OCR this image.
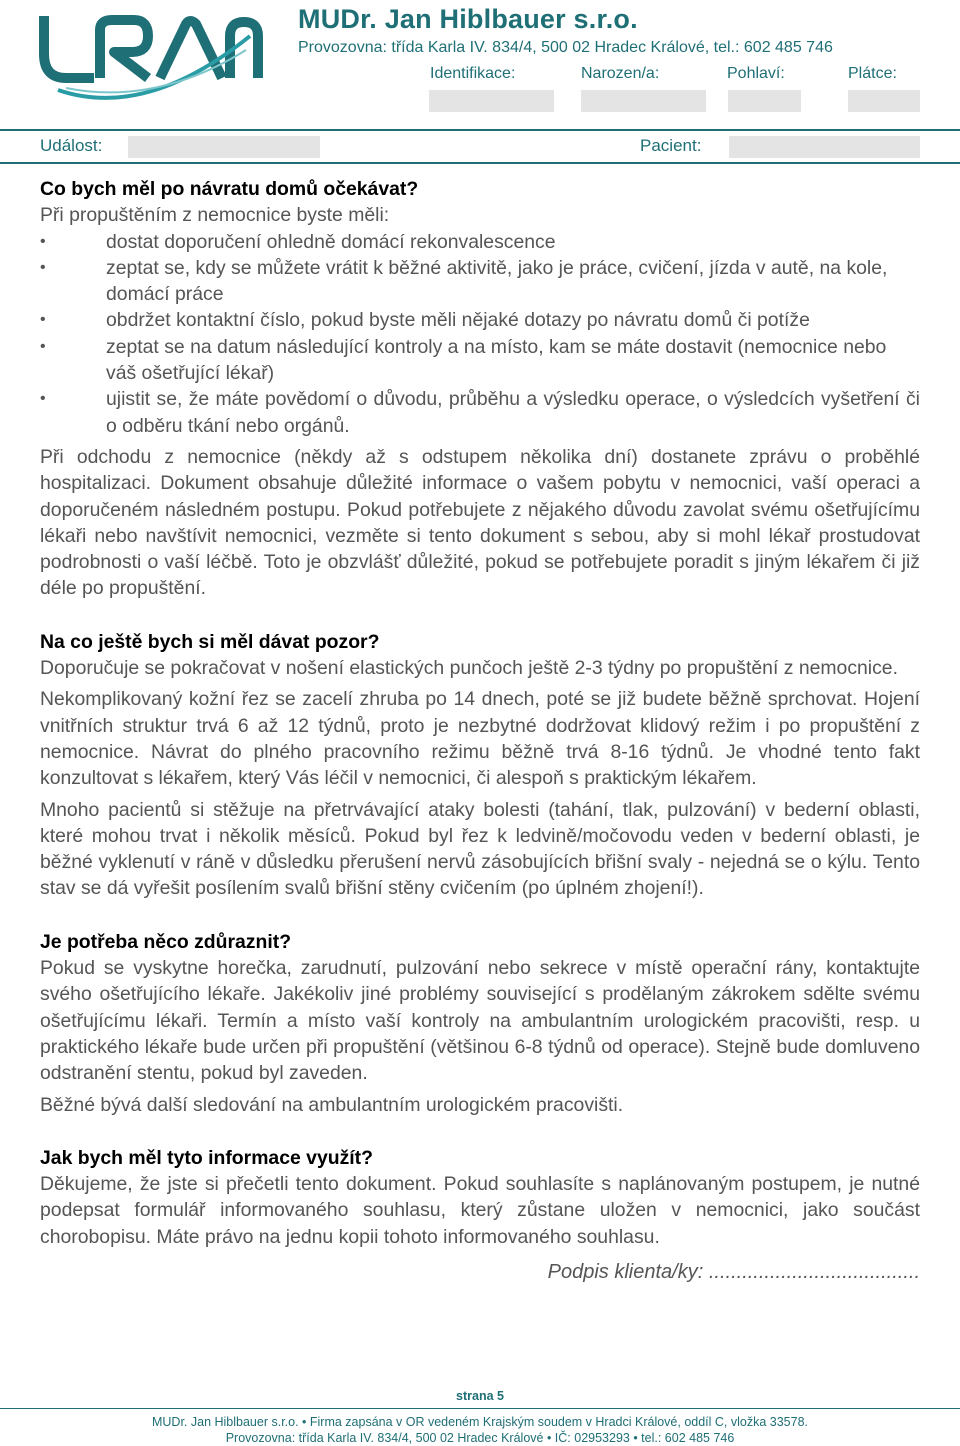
MUDr. Jan Hiblbauer s.r.o.
Provozovna: třída Karla IV. 834/4, 500 02 Hradec Králové, tel.: 602 485 746
Identifikace:	Narozen/a:	Pohlaví:	Plátce:
Událost:	Pacient:
Co bych měl po návratu domů očekávat?

Při propuštěním z nemocnice byste měli:

• dostat doporučení ohledně domácí rekonvalescence
• zeptat se, kdy se můžete vrátit k běžné aktivitě, jako je práce, cvičení, jízda v autě, na kole, domácí práce
• obdržet kontaktní číslo, pokud byste měli nějaké dotazy po návratu domů či potíže
• zeptat se na datum následující kontroly a na místo, kam se máte dostavit (nemocnice nebo váš ošetřující lékař)
• ujistit se, že máte povědomí o důvodu, průběhu a výsledku operace, o výsledcích vyšetření či o odběru tkání nebo orgánů.

Při odchodu z nemocnice (někdy až s odstupem několika dní) dostanete zprávu o proběhlé hospitalizaci. Dokument obsahuje důležité informace o vašem pobytu v nemocnici, vaší operaci a doporučeném následném postupu. Pokud potřebujete z nějakého důvodu zavolat svému ošetřujícímu lékaři nebo navštívit nemocnici, vezměte si tento dokument s sebou, aby si mohl lékař prostudovat podrobnosti o vaší léčbě. Toto je obzvlášť důležité, pokud se potřebujete poradit s jiným lékařem či již déle po propuštění.

Na co ještě bych si měl dávat pozor?

Doporučuje se pokračovat v nošení elastických punčoch ještě 2-3 týdny po propuštění z nemocnice.

Nekomplikovaný kožní řez se zacelí zhruba po 14 dnech, poté se již budete běžně sprchovat. Hojení vnitřních struktur trvá 6 až 12 týdnů, proto je nezbytné dodržovat klidový režim i po propuštění z nemocnice. Návrat do plného pracovního režimu běžně trvá 8-16 týdnů. Je vhodné tento fakt konzultovat s lékařem, který Vás léčil v nemocnici, či alespoň s praktickým lékařem.

Mnoho pacientů si stěžuje na přetrvávající ataky bolesti (tahání, tlak, pulzování) v bederní oblasti, které mohou trvat i několik měsíců. Pokud byl řez k ledvině/močovodu veden v bederní oblasti, je běžné vyklenutí v ráně v důsledku přerušení nervů zásobujících břišní svaly - nejedná se o kýlu. Tento stav se dá vyřešit posílením svalů břišní stěny cvičením (po úplném zhojení!).

Je potřeba něco zdůraznit?

Pokud se vyskytne horečka, zarudnutí, pulzování nebo sekrece v místě operační rány, kontaktujte svého ošetřujícího lékaře. Jakékoliv jiné problémy související s prodělaným zákrokem sdělte svému ošetřujícímu lékaři. Termín a místo vaší kontroly na ambulantním urologickém pracovišti, resp. u praktického lékaře bude určen při propuštění (většinou 6-8 týdnů od operace). Stejně bude domluveno odstranění stentu, pokud byl zaveden.

Běžné bývá další sledování na ambulantním urologickém pracovišti.

Jak bych měl tyto informace využít?

Děkujeme, že jste si přečetli tento dokument. Pokud souhlasíte s naplánovaným postupem, je nutné podepsat formulář informovaného souhlasu, který zůstane uložen v nemocnici, jako součást chorobopisu. Máte právo na jednu kopii tohoto informovaného souhlasu.

Podpis klienta/ky: ......................................
strana 5
MUDr. Jan Hiblbauer s.r.o. • Firma zapsána v OR vedeném Krajským soudem v Hradci Králové, oddíl C, vložka 33578.
Provozovna: třída Karla IV. 834/4, 500 02 Hradec Králové • IČ: 02953293 • tel.: 602 485 746
